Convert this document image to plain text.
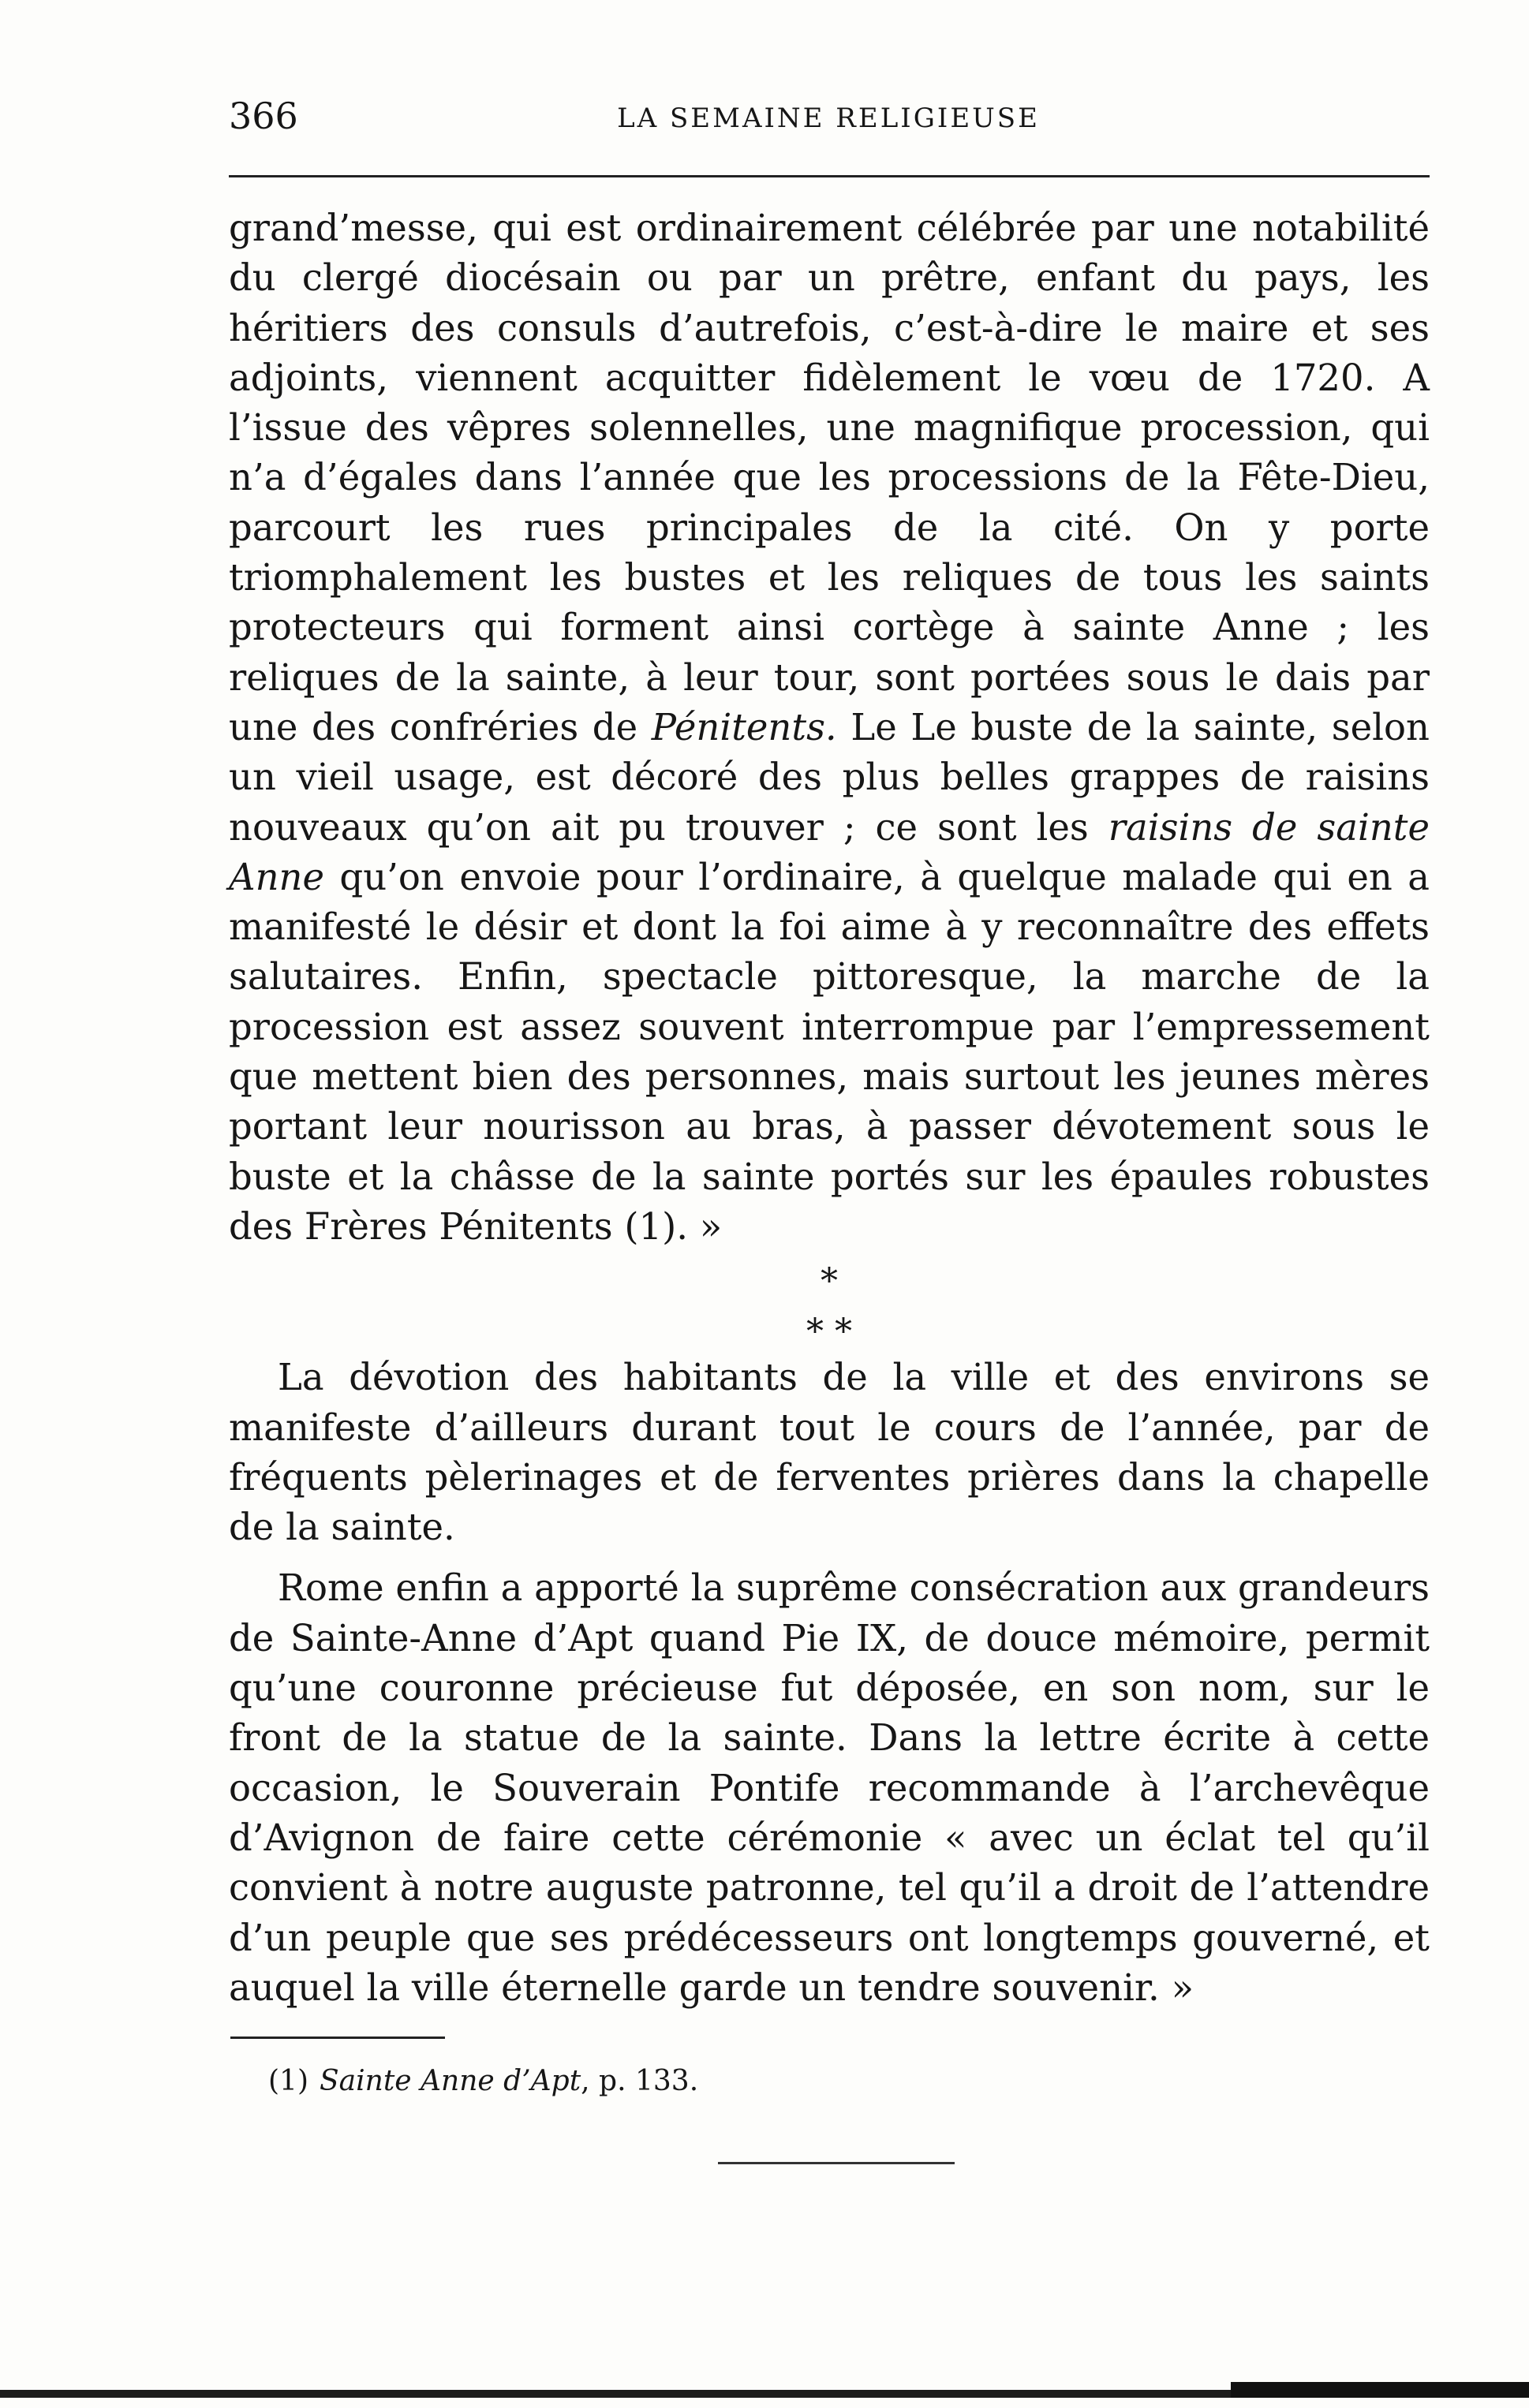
366	LA SEMAINE RELIGIEUSE

grand’messe, qui est ordinairement célébrée par une notabilité du clergé diocésain ou par un prêtre, enfant du pays, les héritiers des consuls d’autrefois, c’est-à-dire le maire et ses adjoints, viennent acquitter fidèlement le vœu de 1720. A l’issue des vêpres solennelles, une magnifique procession, qui n’a d’égales dans l’année que les processions de la Fête-Dieu, parcourt les rues principales de la cité. On y porte triomphalement les bustes et les reliques de tous les saints protecteurs qui forment ainsi cortège à sainte Anne ; les reliques de la sainte, à leur tour, sont portées sous le dais par une des confréries de Pénitents. Le Le buste de la sainte, selon un vieil usage, est décoré des plus belles grappes de raisins nouveaux qu’on ait pu trouver ; ce sont les raisins de sainte Anne qu’on envoie pour l’ordinaire, à quelque malade qui en a manifesté le désir et dont la foi aime à y reconnaître des effets salutaires. Enfin, spectacle pittoresque, la marche de la procession est assez souvent interrompue par l’empressement que mettent bien des personnes, mais surtout les jeunes mères portant leur nourisson au bras, à passer dévotement sous le buste et la châsse de la sainte portés sur les épaules robustes des Frères Pénitents (1). »

*
* *

La dévotion des habitants de la ville et des environs se manifeste d’ailleurs durant tout le cours de l’année, par de fréquents pèlerinages et de ferventes prières dans la chapelle de la sainte.

Rome enfin a apporté la suprême consécration aux grandeurs de Sainte-Anne d’Apt quand Pie IX, de douce mémoire, permit qu’une couronne précieuse fut déposée, en son nom, sur le front de la statue de la sainte. Dans la lettre écrite à cette occasion, le Souverain Pontife recommande à l’archevêque d’Avignon de faire cette cérémonie « avec un éclat tel qu’il convient à notre auguste patronne, tel qu’il a droit de l’attendre d’un peuple que ses prédécesseurs ont longtemps gouverné, et auquel la ville éternelle garde un tendre souvenir. »

(1) Sainte Anne d’Apt, p. 133.
